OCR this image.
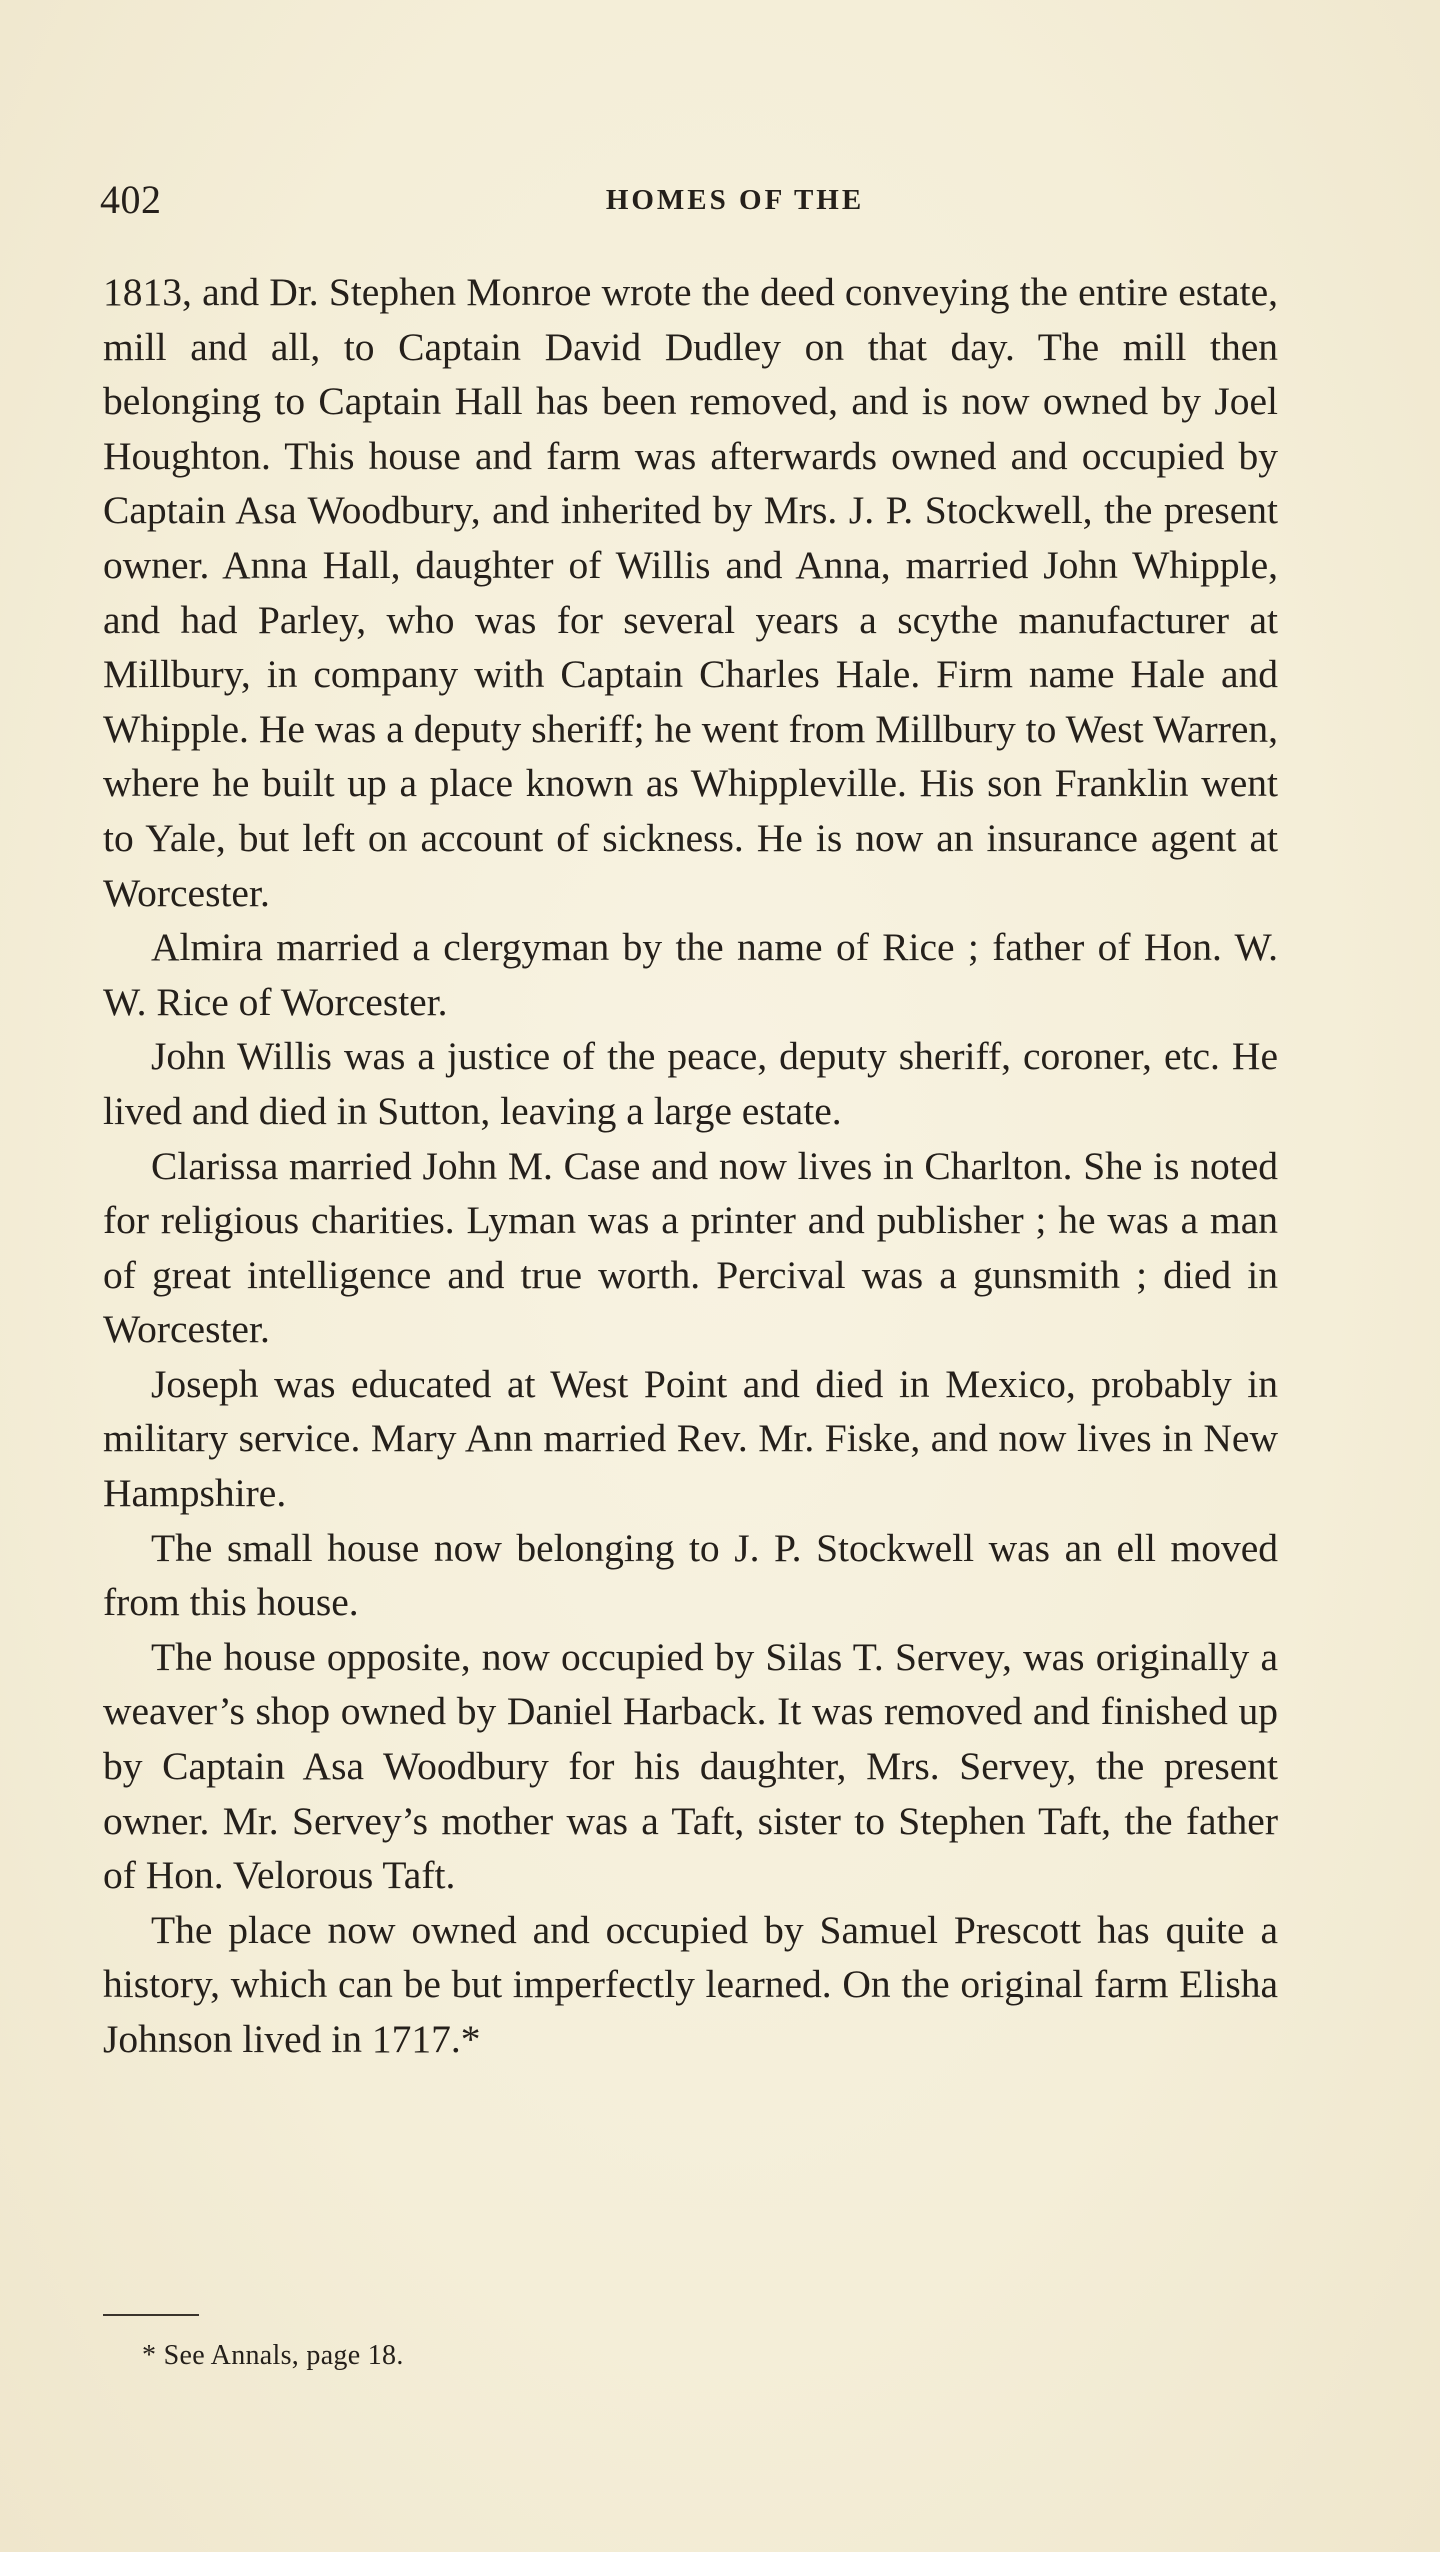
402	HOMES OF THE

1813, and Dr. Stephen Monroe wrote the deed conveying the entire estate, mill and all, to Captain David Dudley on that day. The mill then belonging to Captain Hall has been removed, and is now owned by Joel Houghton. This house and farm was afterwards owned and occupied by Captain Asa Woodbury, and inherited by Mrs. J. P. Stockwell, the present owner. Anna Hall, daughter of Willis and Anna, married John Whipple, and had Parley, who was for several years a scythe manufacturer at Millbury, in company with Captain Charles Hale. Firm name Hale and Whipple. He was a deputy sheriff; he went from Millbury to West Warren, where he built up a place known as Whippleville. His son Franklin went to Yale, but left on account of sickness. He is now an insurance agent at Worcester.

Almira married a clergyman by the name of Rice ; father of Hon. W. W. Rice of Worcester.

John Willis was a justice of the peace, deputy sheriff, coroner, etc. He lived and died in Sutton, leaving a large estate.

Clarissa married John M. Case and now lives in Charlton. She is noted for religious charities. Lyman was a printer and publisher ; he was a man of great intelligence and true worth. Percival was a gunsmith ; died in Worcester.

Joseph was educated at West Point and died in Mexico, probably in military service. Mary Ann married Rev. Mr. Fiske, and now lives in New Hampshire.

The small house now belonging to J. P. Stockwell was an ell moved from this house.

The house opposite, now occupied by Silas T. Servey, was originally a weaver’s shop owned by Daniel Harback. It was removed and finished up by Captain Asa Woodbury for his daughter, Mrs. Servey, the present owner. Mr. Servey’s mother was a Taft, sister to Stephen Taft, the father of Hon. Velorous Taft.

The place now owned and occupied by Samuel Prescott has quite a history, which can be but imperfectly learned. On the original farm Elisha Johnson lived in 1717.*

* See Annals, page 18.
